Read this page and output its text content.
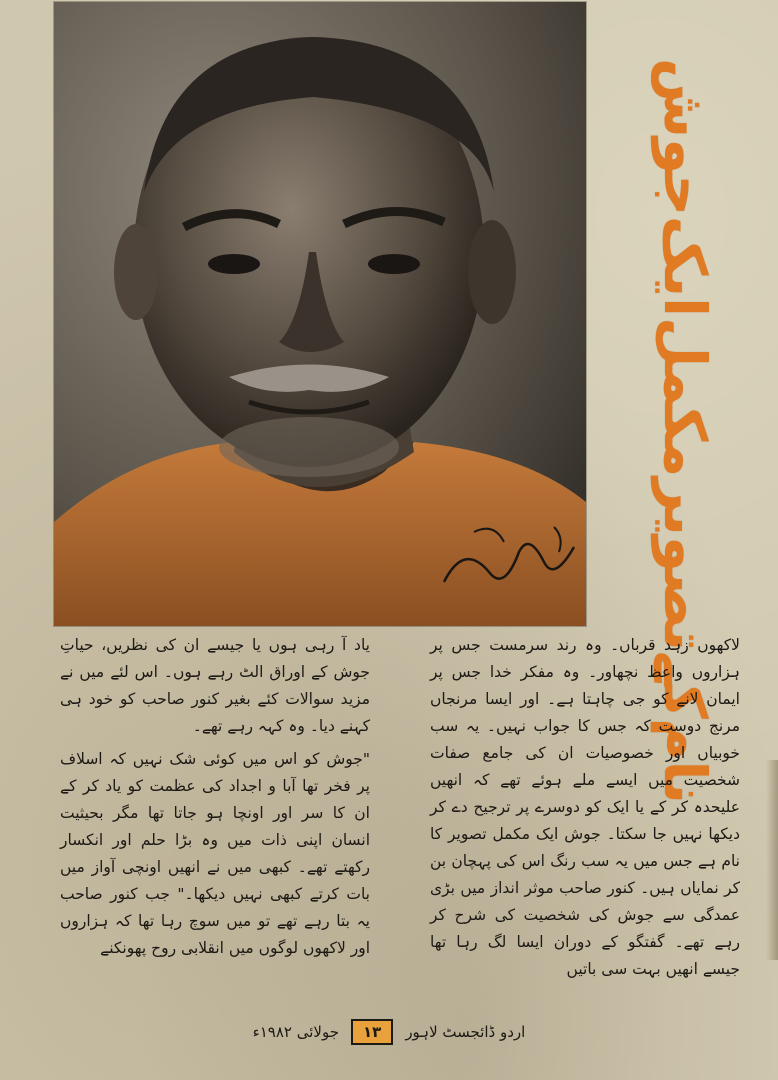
جوش
ایک
مکمل
تصویر
کے
نام

لاکھوں زہد قرباں۔ وہ رند سرمست جس پر ہزاروں واعظ نچھاور۔ وہ مفکر خدا جس پر ایمان لانے کو جی چاہتا ہے۔ اور ایسا مرنجاں مرنج دوست کہ جس کا جواب نہیں۔ یہ سب خوبیاں اور خصوصیات ان کی جامع صفات شخصیت میں ایسے ملے ہوئے تھے کہ انھیں علیحدہ کر کے یا ایک کو دوسرے پر ترجیح دے کر دیکھا نہیں جا سکتا۔ جوش ایک مکمل تصویر کا نام ہے جس میں یہ سب رنگ اس کی پہچان بن کر نمایاں ہیں۔ کنور صاحب موثر انداز میں بڑی عمدگی سے جوش کی شخصیت کی شرح کر رہے تھے۔ گفتگو کے دوران ایسا لگ رہا تھا جیسے انھیں بہت سی باتیں

یاد آ رہی ہوں یا جیسے ان کی نظریں، حیاتِ جوش کے اوراق الٹ رہے ہوں۔ اس لئے میں نے مزید سوالات کئے بغیر کنور صاحب کو خود ہی کہنے دیا۔ وہ کہہ رہے تھے۔

"جوش کو اس میں کوئی شک نہیں کہ اسلاف پر فخر تھا آبا و اجداد کی عظمت کو یاد کر کے ان کا سر اور اونچا ہو جاتا تھا مگر بحیثیت انسان اپنی ذات میں وہ بڑا حلم اور انکسار رکھتے تھے۔ کبھی میں نے انھیں اونچی آواز میں بات کرتے کبھی نہیں دیکھا۔" جب کنور صاحب یہ بتا رہے تھے تو میں سوچ رہا تھا کہ ہزاروں اور لاکھوں لوگوں میں انقلابی روح پھونکنے

اردو ڈائجسٹ لاہور
۱۳
جولائی ۱۹۸۲ء
